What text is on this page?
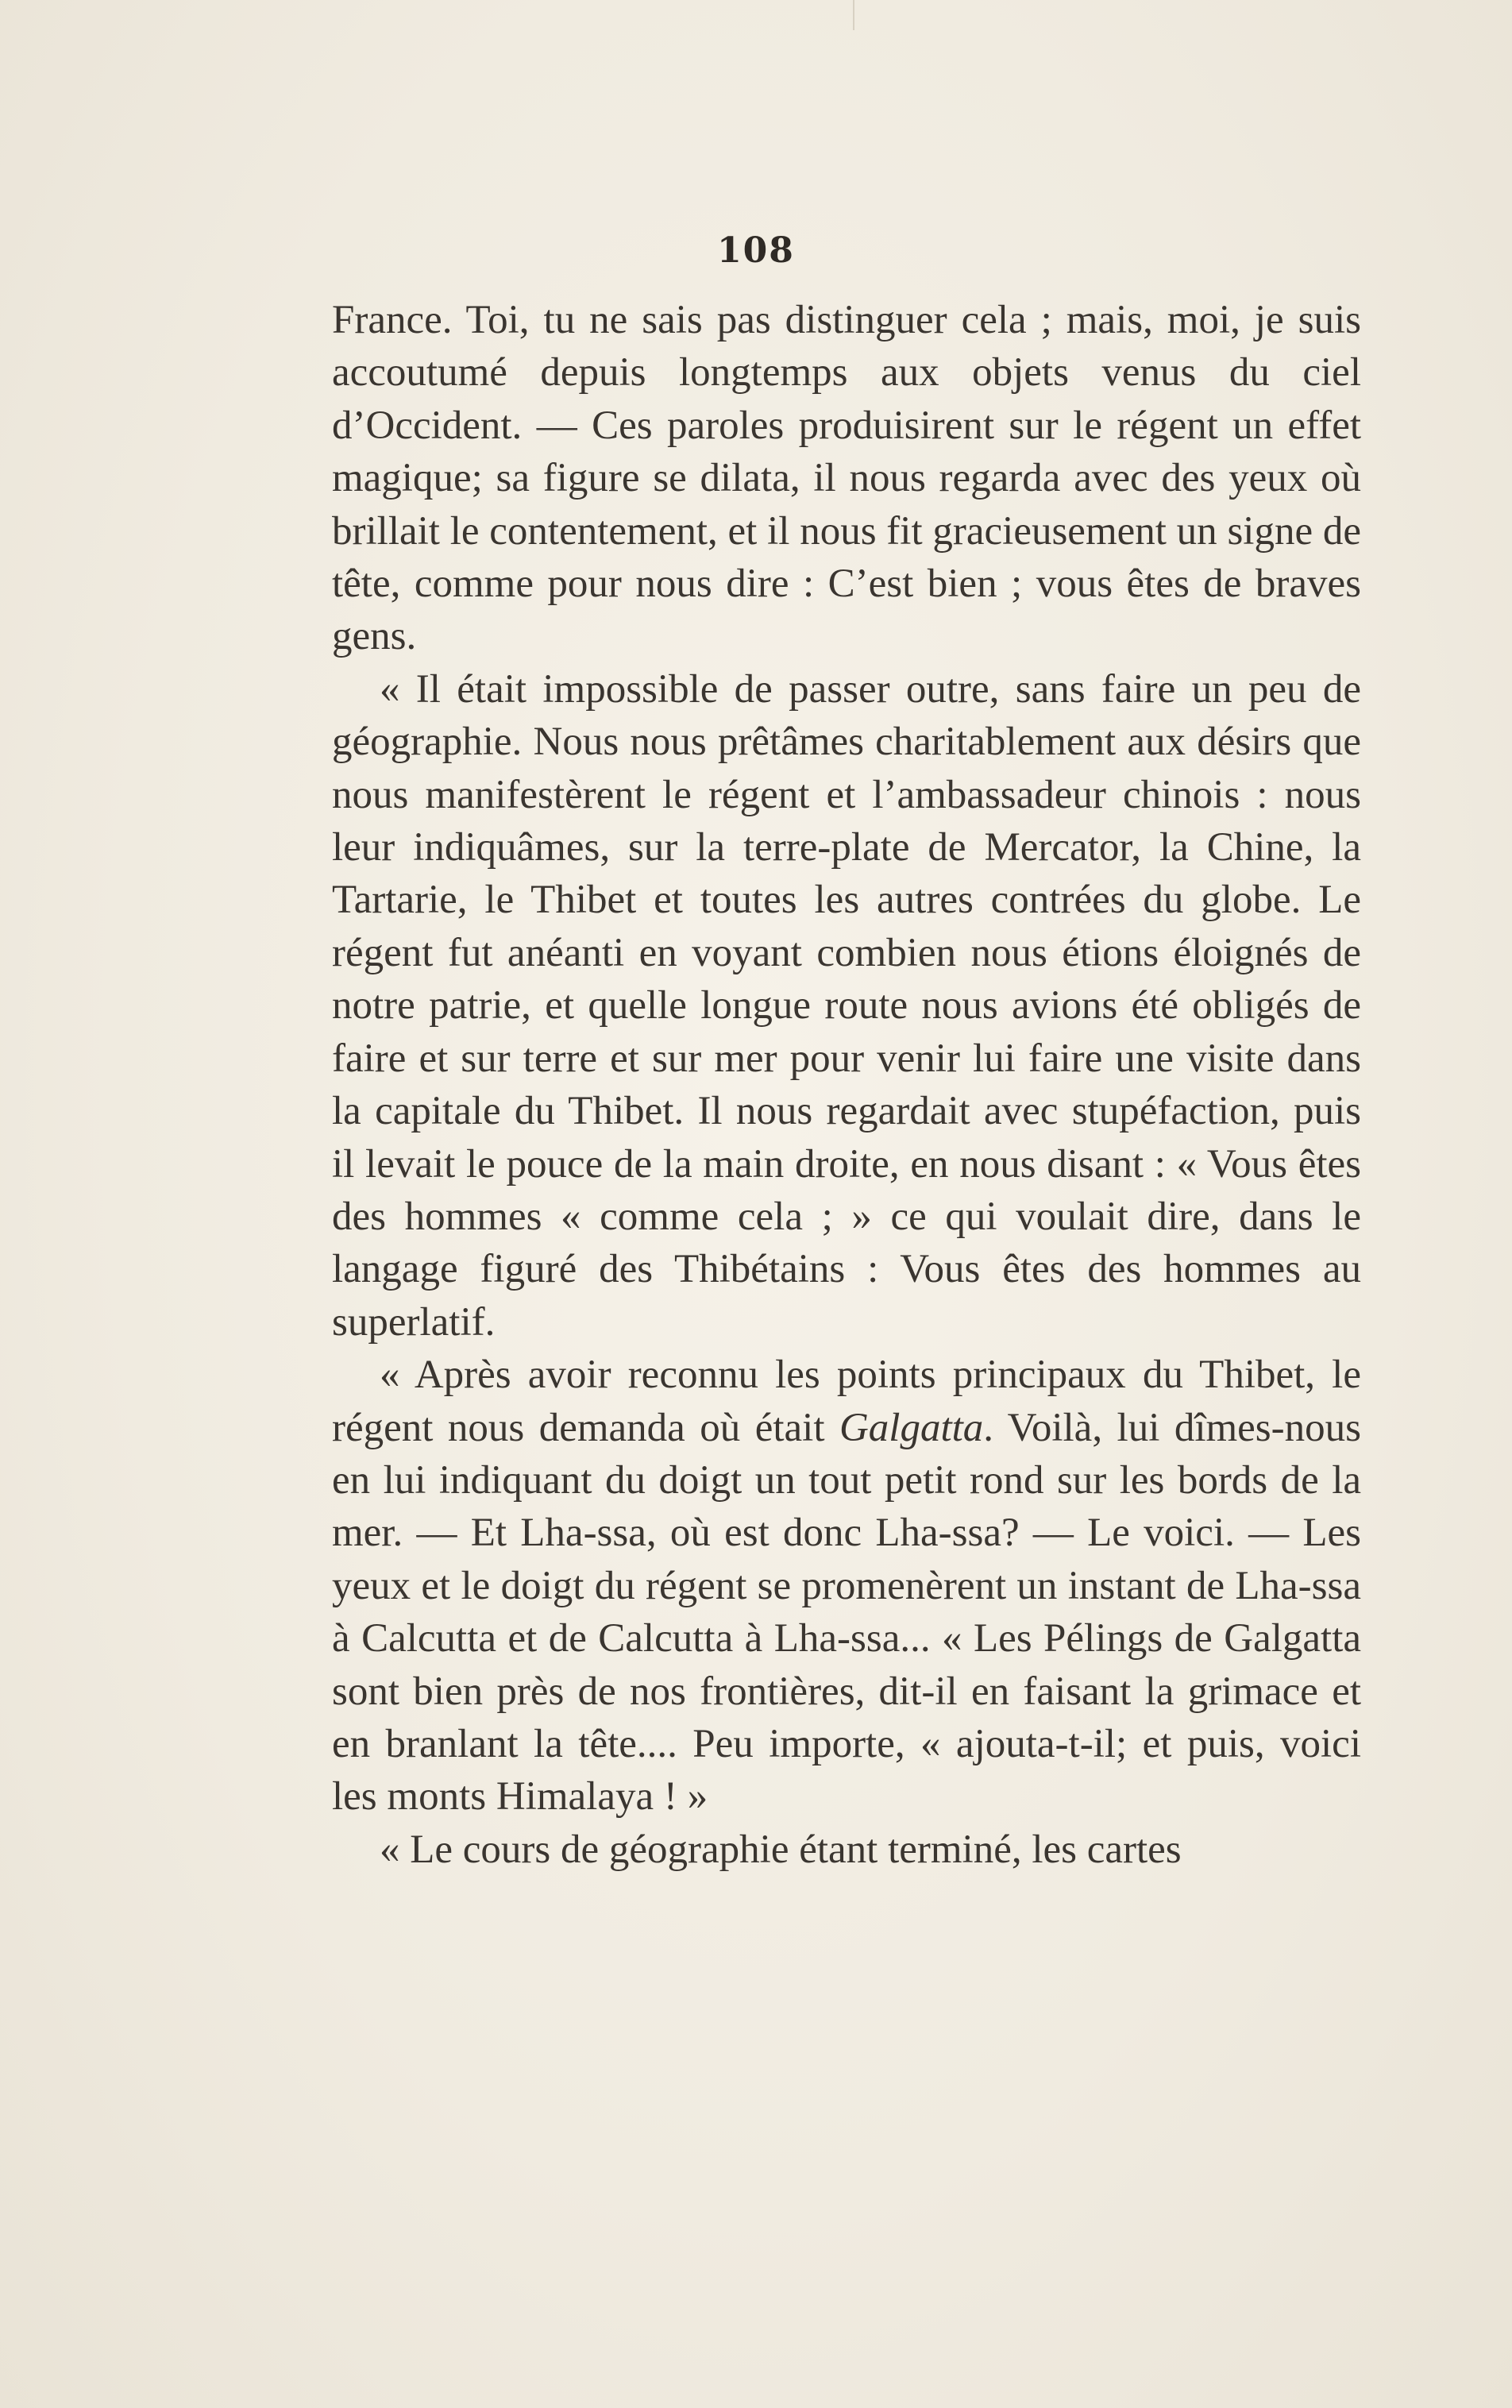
108

France. Toi, tu ne sais pas distinguer cela ; mais, moi, je suis accoutumé depuis longtemps aux objets venus du ciel d’Occident. — Ces paroles produisirent sur le régent un effet magique; sa figure se dilata, il nous regarda avec des yeux où brillait le contentement, et il nous fit gracieusement un signe de tête, comme pour nous dire : C’est bien ; vous êtes de braves gens.

« Il était impossible de passer outre, sans faire un peu de géographie. Nous nous prêtâmes charitablement aux désirs que nous manifestèrent le régent et l’ambassadeur chinois : nous leur indiquâmes, sur la terre-plate de Mercator, la Chine, la Tartarie, le Thibet et toutes les autres contrées du globe. Le régent fut anéanti en voyant combien nous étions éloignés de notre patrie, et quelle longue route nous avions été obligés de faire et sur terre et sur mer pour venir lui faire une visite dans la capitale du Thibet. Il nous regardait avec stupéfaction, puis il levait le pouce de la main droite, en nous disant : « Vous êtes des hommes « comme cela ; » ce qui voulait dire, dans le langage figuré des Thibétains : Vous êtes des hommes au superlatif.

« Après avoir reconnu les points principaux du Thibet, le régent nous demanda où était Galgatta. Voilà, lui dîmes-nous en lui indiquant du doigt un tout petit rond sur les bords de la mer. — Et Lha-ssa, où est donc Lha-ssa? — Le voici. — Les yeux et le doigt du régent se promenèrent un instant de Lha-ssa à Calcutta et de Calcutta à Lha-ssa... « Les Pélings de Galgatta sont bien près de nos frontières, dit-il en faisant la grimace et en branlant la tête.... Peu importe, « ajouta-t-il; et puis, voici les monts Himalaya ! »

« Le cours de géographie étant terminé, les cartes
